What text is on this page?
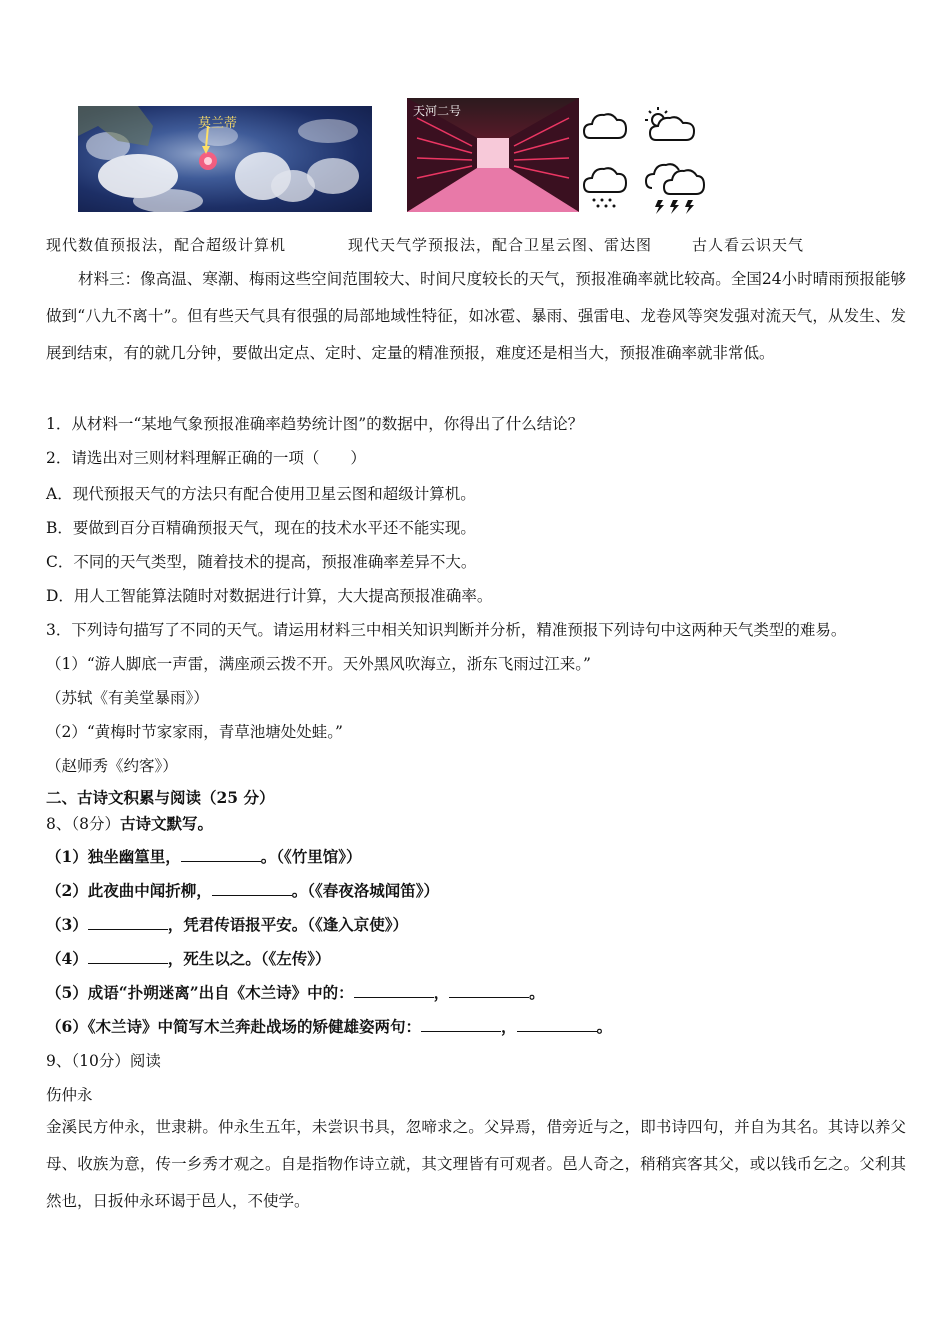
莫兰蒂
天河二号
现代数值预报法，配合超级计算机	现代天气学预报法，配合卫星云图、雷达图	古人看云识天气
材料三：像高温、寒潮、梅雨这些空间范围较大、时间尺度较长的天气，预报准确率就比较高。全国24小时晴雨预报能够做到“八九不离十”。但有些天气具有很强的局部地域性特征，如冰雹、暴雨、强雷电、龙卷风等突发强对流天气，从发生、发展到结束，有的就几分钟，要做出定点、定时、定量的精准预报，难度还是相当大，预报准确率就非常低。
1．从材料一“某地气象预报准确率趋势统计图”的数据中，你得出了什么结论？
2．请选出对三则材料理解正确的一项（　　）
A．现代预报天气的方法只有配合使用卫星云图和超级计算机。
B．要做到百分百精确预报天气，现在的技术水平还不能实现。
C．不同的天气类型，随着技术的提高，预报准确率差异不大。
D．用人工智能算法随时对数据进行计算，大大提高预报准确率。
3．下列诗句描写了不同的天气。请运用材料三中相关知识判断并分析，精准预报下列诗句中这两种天气类型的难易。
（1）“游人脚底一声雷，满座顽云拨不开。天外黑风吹海立，浙东飞雨过江来。”
（苏轼《有美堂暴雨》）
（2）“黄梅时节家家雨，青草池塘处处蛙。”
（赵师秀《约客》）
二、古诗文积累与阅读（25 分）
8、（8分）古诗文默写。
（1）独坐幽篁里，	。（《竹里馆》）
（2）此夜曲中闻折柳，	。（《春夜洛城闻笛》）
（3）	，凭君传语报平安。（《逢入京使》）
（4）	，死生以之。（《左传》）
（5）成语“扑朔迷离”出自《木兰诗》中的：	，	。
（6）《木兰诗》中简写木兰奔赴战场的矫健雄姿两句：	，	。
9、（10分）阅读
伤仲永
金溪民方仲永，世隶耕。仲永生五年，未尝识书具，忽啼求之。父异焉，借旁近与之，即书诗四句，并自为其名。其诗以养父母、收族为意，传一乡秀才观之。自是指物作诗立就，其文理皆有可观者。邑人奇之，稍稍宾客其父，或以钱币乞之。父利其然也，日扳仲永环谒于邑人，不使学。
